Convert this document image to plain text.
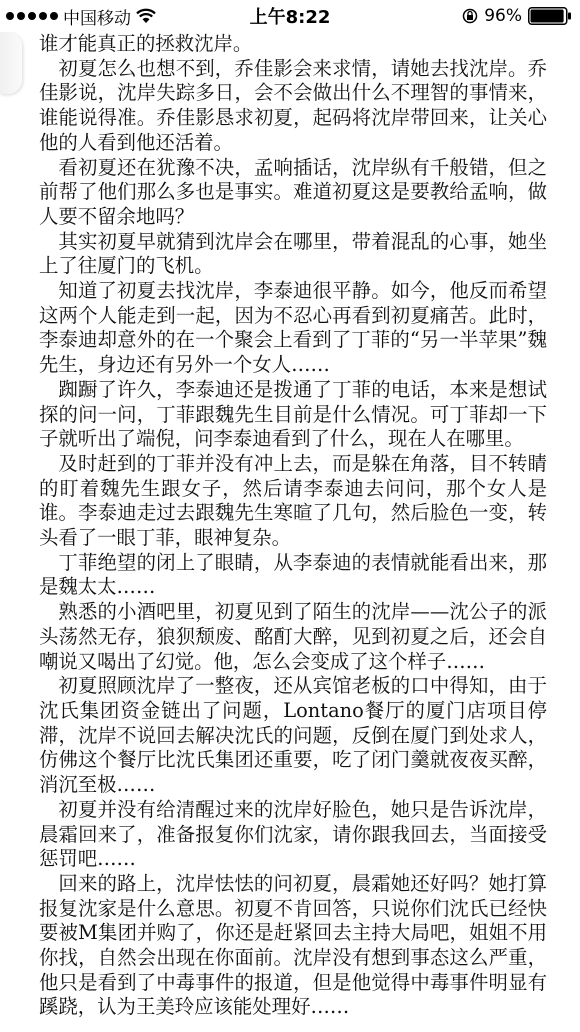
中国移动	上午8:22	96%

谁才能真正的拯救沈岸。

初夏怎么也想不到，乔佳影会来求情，请她去找沈岸。乔佳影说，沈岸失踪多日，会不会做出什么不理智的事情来，谁能说得准。乔佳影恳求初夏，起码将沈岸带回来，让关心他的人看到他还活着。

看初夏还在犹豫不决，孟响插话，沈岸纵有千般错，但之前帮了他们那么多也是事实。难道初夏这是要教给孟响，做人要不留余地吗？

其实初夏早就猜到沈岸会在哪里，带着混乱的心事，她坐上了往厦门的飞机。

知道了初夏去找沈岸，李泰迪很平静。如今，他反而希望这两个人能走到一起，因为不忍心再看到初夏痛苦。此时，李泰迪却意外的在一个聚会上看到了丁菲的“另一半苹果”魏先生，身边还有另外一个女人……

踟蹰了许久，李泰迪还是拨通了丁菲的电话，本来是想试探的问一问，丁菲跟魏先生目前是什么情况。可丁菲却一下子就听出了端倪，问李泰迪看到了什么，现在人在哪里。

及时赶到的丁菲并没有冲上去，而是躲在角落，目不转睛的盯着魏先生跟女子，然后请李泰迪去问问，那个女人是谁。李泰迪走过去跟魏先生寒暄了几句，然后脸色一变，转头看了一眼丁菲，眼神复杂。

丁菲绝望的闭上了眼睛，从李泰迪的表情就能看出来，那是魏太太……

熟悉的小酒吧里，初夏见到了陌生的沈岸——沈公子的派头荡然无存，狼狈颓废、酩酊大醉，见到初夏之后，还会自嘲说又喝出了幻觉。他，怎么会变成了这个样子……

初夏照顾沈岸了一整夜，还从宾馆老板的口中得知，由于沈氏集团资金链出了问题，Lontano餐厅的厦门店项目停滞，沈岸不说回去解决沈氏的问题，反倒在厦门到处求人，仿佛这个餐厅比沈氏集团还重要，吃了闭门羹就夜夜买醉，消沉至极……

初夏并没有给清醒过来的沈岸好脸色，她只是告诉沈岸，晨霜回来了，准备报复你们沈家，请你跟我回去，当面接受惩罚吧……

回来的路上，沈岸怯怯的问初夏，晨霜她还好吗？她打算报复沈家是什么意思。初夏不肯回答，只说你们沈氏已经快要被M集团并购了，你还是赶紧回去主持大局吧，姐姐不用你找，自然会出现在你面前。沈岸没有想到事态这么严重，他只是看到了中毒事件的报道，但是他觉得中毒事件明显有蹊跷，认为王美玲应该能处理好……
